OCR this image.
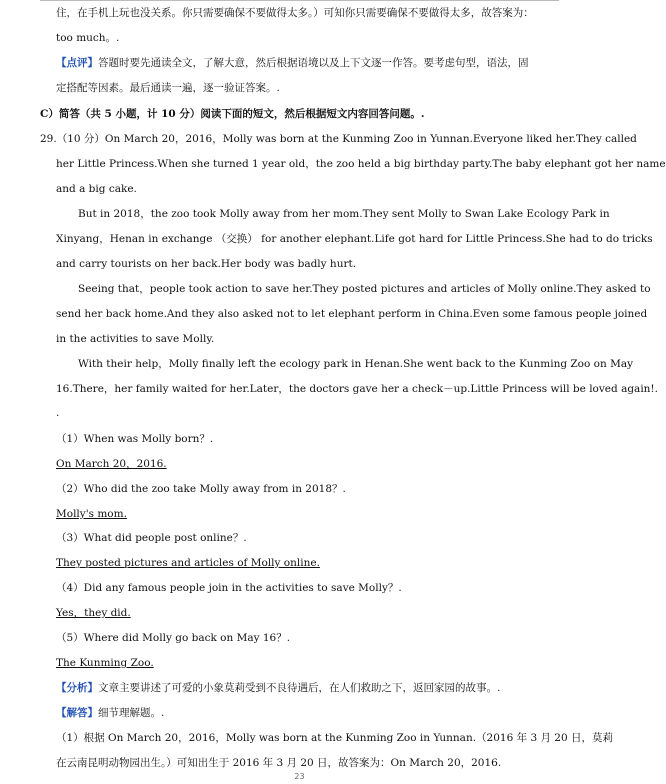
住，在手机上玩也没关系。你只需要确保不要做得太多。）可知你只需要确保不要做得太多，故答案为：
too much。.
【点评】答题时要先通读全文，了解大意，然后根据语境以及上下文逐一作答。要考虑句型，语法，固
定搭配等因素。最后通读一遍，逐一验证答案。.
C）简答（共 5 小题，计 10 分）阅读下面的短文，然后根据短文内容回答问题。.
29.（10 分）On March 20，2016，Molly was born at the Kunming Zoo in Yunnan.Everyone liked her.They called
her Little Princess.When she turned 1 year old，the zoo held a big birthday party.The baby elephant got her name
and a big cake.
But in 2018，the zoo took Molly away from her mom.They sent Molly to Swan Lake Ecology Park in
Xinyang，Henan in exchange （交换） for another elephant.Life got hard for Little Princess.She had to do tricks
and carry tourists on her back.Her body was badly hurt.
Seeing that，people took action to save her.They posted pictures and articles of Molly online.They asked to
send her back home.And they also asked not to let elephant perform in China.Even some famous people joined
in the activities to save Molly.
With their help，Molly finally left the ecology park in Henan.She went back to the Kunming Zoo on May
16.There，her family waited for her.Later，the doctors gave her a check－up.Little Princess will be loved again!.
.
（1）When was Molly born？.
On March 20，2016.
（2）Who did the zoo take Molly away from in 2018？.
Molly's mom.
（3）What did people post online？.
They posted pictures and articles of Molly online.
（4）Did any famous people join in the activities to save Molly？.
Yes，they did.
（5）Where did Molly go back on May 16？.
The Kunming Zoo.
【分析】文章主要讲述了可爱的小象莫莉受到不良待遇后，在人们救助之下，返回家园的故事。.
【解答】细节理解题。.
（1）根据 On March 20，2016，Molly was born at the Kunming Zoo in Yunnan.（2016 年 3 月 20 日，莫莉
在云南昆明动物园出生。）可知出生于 2016 年 3 月 20 日，故答案为：On March 20，2016.
23
